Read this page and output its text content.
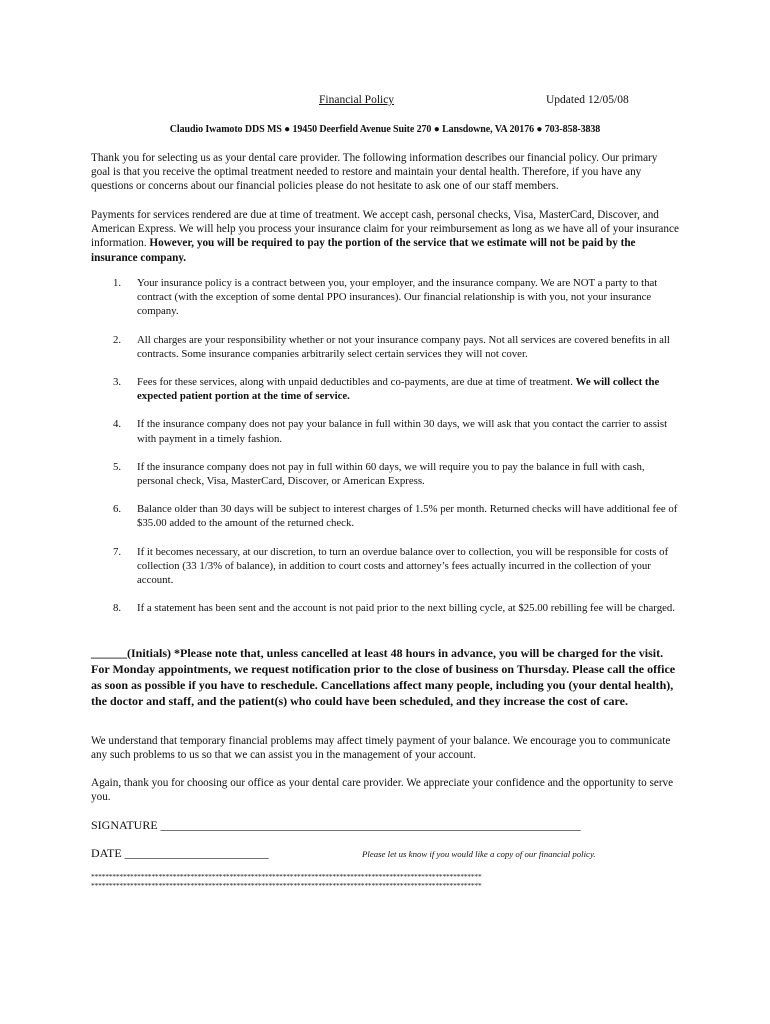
Financial Policy	Updated 12/05/08
Claudio Iwamoto DDS MS ● 19450 Deerfield Avenue Suite 270 ● Lansdowne, VA 20176 ● 703-858-3838

Thank you for selecting us as your dental care provider. The following information describes our financial policy. Our primary goal is that you receive the optimal treatment needed to restore and maintain your dental health. Therefore, if you have any questions or concerns about our financial policies please do not hesitate to ask one of our staff members.

Payments for services rendered are due at time of treatment. We accept cash, personal checks, Visa, MasterCard, Discover, and American Express. We will help you process your insurance claim for your reimbursement as long as we have all of your insurance information. However, you will be required to pay the portion of the service that we estimate will not be paid by the insurance company.

1. Your insurance policy is a contract between you, your employer, and the insurance company. We are NOT a party to that contract (with the exception of some dental PPO insurances). Our financial relationship is with you, not your insurance company.
2. All charges are your responsibility whether or not your insurance company pays. Not all services are covered benefits in all contracts. Some insurance companies arbitrarily select certain services they will not cover.
3. Fees for these services, along with unpaid deductibles and co-payments, are due at time of treatment. We will collect the expected patient portion at the time of service.
4. If the insurance company does not pay your balance in full within 30 days, we will ask that you contact the carrier to assist with payment in a timely fashion.
5. If the insurance company does not pay in full within 60 days, we will require you to pay the balance in full with cash, personal check, Visa, MasterCard, Discover, or American Express.
6. Balance older than 30 days will be subject to interest charges of 1.5% per month. Returned checks will have additional fee of $35.00 added to the amount of the returned check.
7. If it becomes necessary, at our discretion, to turn an overdue balance over to collection, you will be responsible for costs of collection (33 1/3% of balance), in addition to court costs and attorney’s fees actually incurred in the collection of your account.
8. If a statement has been sent and the account is not paid prior to the next billing cycle, at $25.00 rebilling fee will be charged.

______(Initials) *Please note that, unless cancelled at least 48 hours in advance, you will be charged for the visit. For Monday appointments, we request notification prior to the close of business on Thursday. Please call the office as soon as possible if you have to reschedule. Cancellations affect many people, including you (your dental health), the doctor and staff, and the patient(s) who could have been scheduled, and they increase the cost of care.

We understand that temporary financial problems may affect timely payment of your balance. We encourage you to communicate any such problems to us so that we can assist you in the management of your account.

Again, thank you for choosing our office as your dental care provider. We appreciate your confidence and the opportunity to serve you.

SIGNATURE ______________________________________________________________________
DATE ________________________	Please let us know if you would like a copy of our financial policy.
**************************************************************************************************************
**************************************************************************************************************
